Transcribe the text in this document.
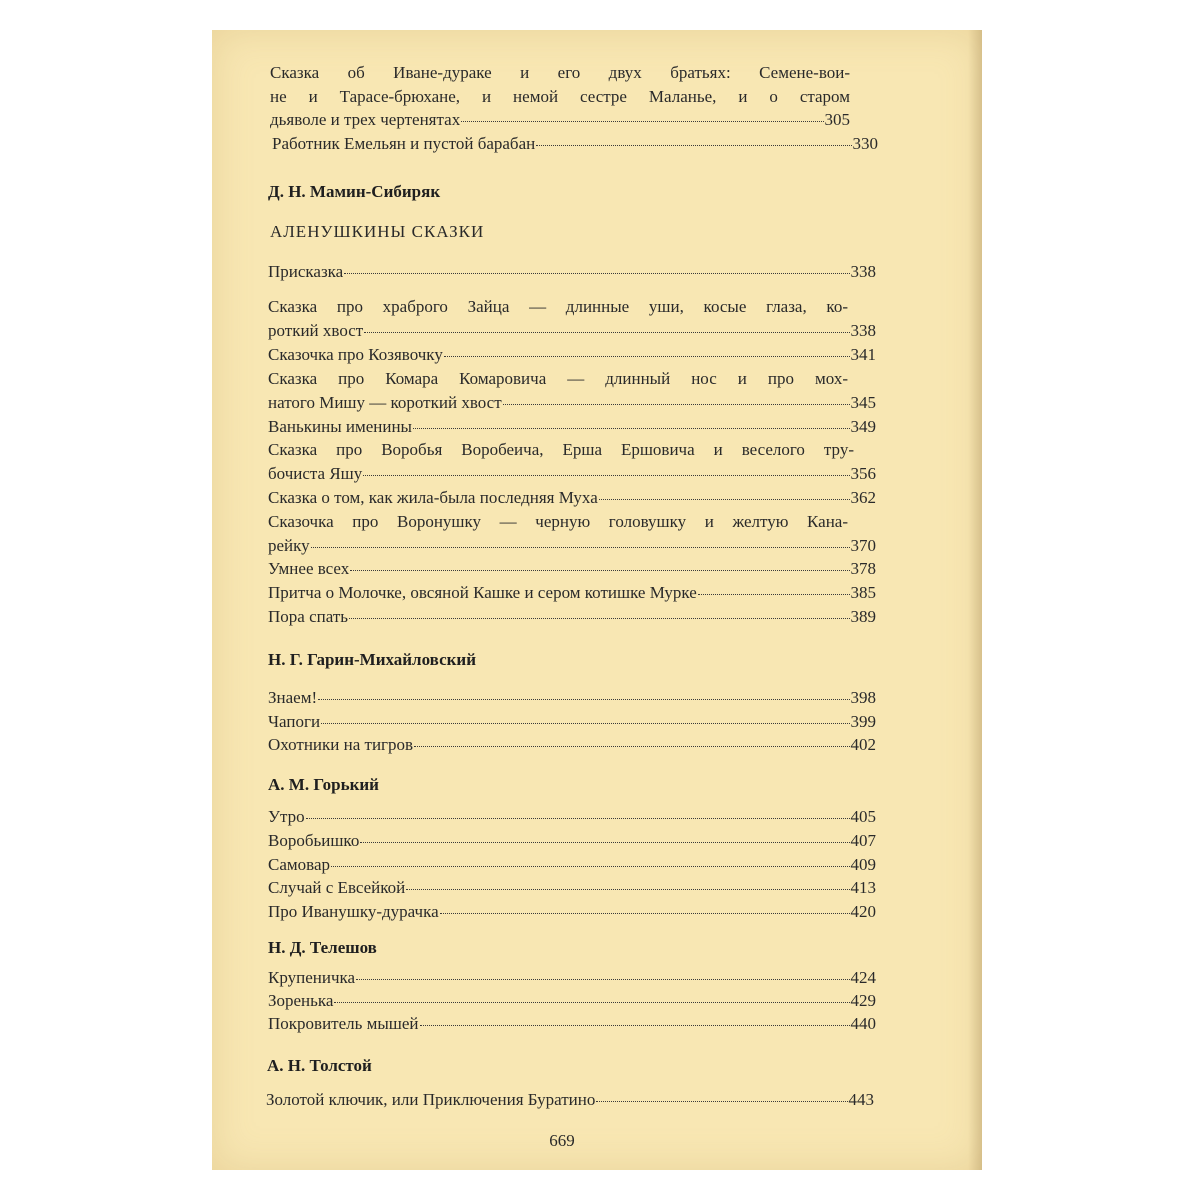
Сказка об Иване-дураке и его двух братьях: Семене-вои-
не и Тарасе-брюхане, и немой сестре Маланье, и о старом
дьяволе и трех чертенятах	305
Работник Емельян и пустой барабан	330
Д. Н. Мамин-Сибиряк
АЛЕНУШКИНЫ СКАЗКИ
Присказка	338
Сказка про храброго Зайца — длинные уши, косые глаза, ко-
роткий хвост	338
Сказочка про Козявочку	341
Сказка про Комара Комаровича — длинный нос и про мох-
натого Мишу — короткий хвост	345
Ванькины именины	349
Сказка про Воробья Воробеича, Ерша Ершовича и веселого тру-
бочиста Яшу	356
Сказка о том, как жила-была последняя Муха	362
Сказочка про Воронушку — черную головушку и желтую Кана-
рейку	370
Умнее всех	378
Притча о Молочке, овсяной Кашке и сером котишке Мурке	385
Пора спать	389
Н. Г. Гарин-Михайловский
Знаем!	398
Чапоги	399
Охотники на тигров	402
А. М. Горький
Утро	405
Воробьишко	407
Самовар	409
Случай с Евсейкой	413
Про Иванушку-дурачка	420
Н. Д. Телешов
Крупеничка	424
Зоренька	429
Покровитель мышей	440
А. Н. Толстой
Золотой ключик, или Приключения Буратино	443
669
